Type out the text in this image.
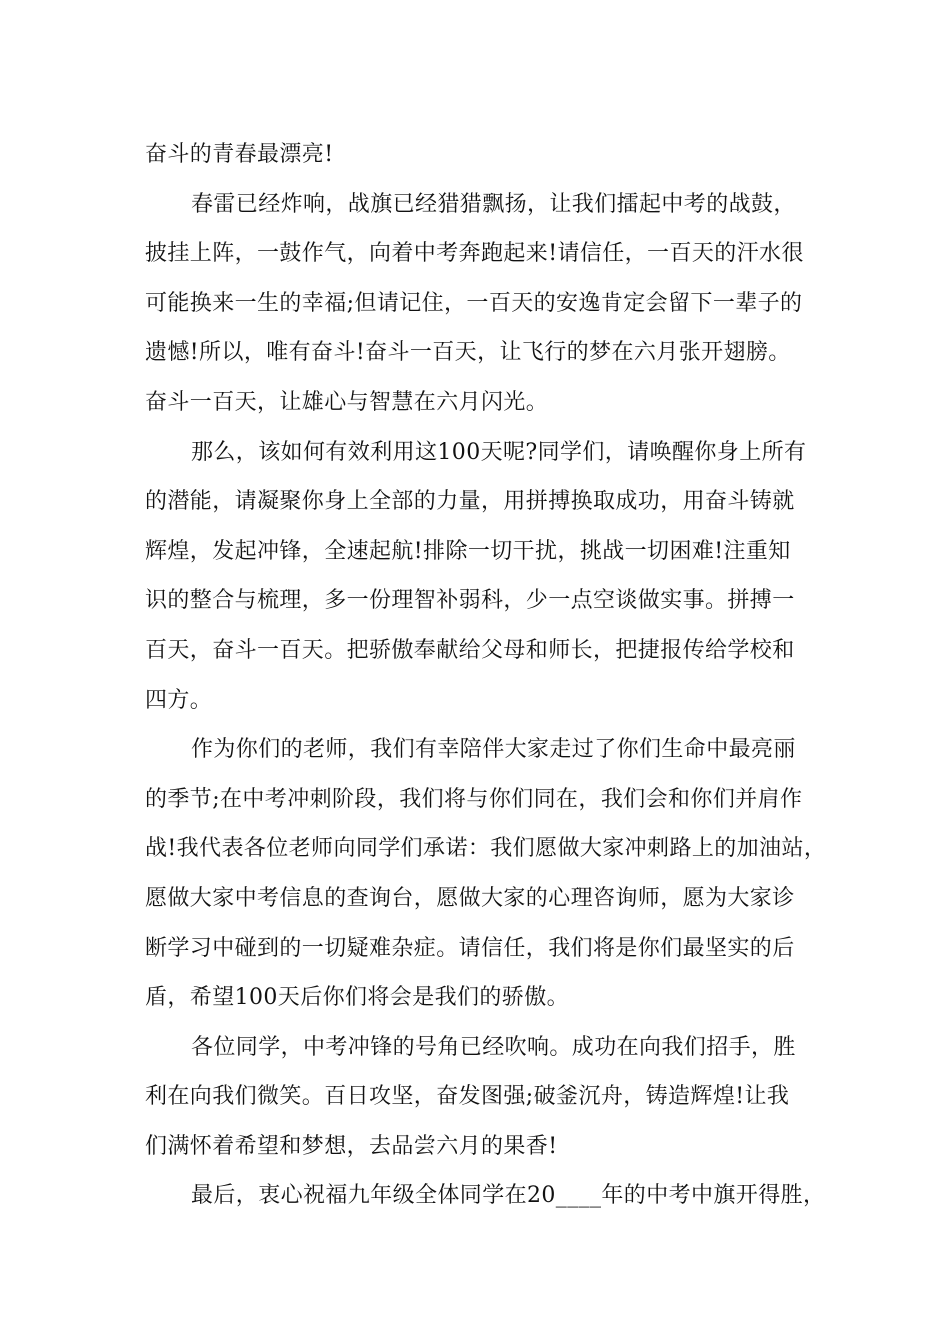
奋斗的青春最漂亮!
春雷已经炸响，战旗已经猎猎飘扬，让我们擂起中考的战鼓，
披挂上阵，一鼓作气，向着中考奔跑起来!请信任，一百天的汗水很
可能换来一生的幸福;但请记住，一百天的安逸肯定会留下一辈子的
遗憾!所以，唯有奋斗!奋斗一百天，让飞行的梦在六月张开翅膀。
奋斗一百天，让雄心与智慧在六月闪光。
那么，该如何有效利用这100天呢?同学们，请唤醒你身上所有
的潜能，请凝聚你身上全部的力量，用拼搏换取成功，用奋斗铸就
辉煌，发起冲锋，全速起航!排除一切干扰，挑战一切困难!注重知
识的整合与梳理，多一份理智补弱科，少一点空谈做实事。拼搏一
百天，奋斗一百天。把骄傲奉献给父母和师长，把捷报传给学校和
四方。
作为你们的老师，我们有幸陪伴大家走过了你们生命中最亮丽
的季节;在中考冲刺阶段，我们将与你们同在，我们会和你们并肩作
战!我代表各位老师向同学们承诺：我们愿做大家冲刺路上的加油站，
愿做大家中考信息的查询台，愿做大家的心理咨询师，愿为大家诊
断学习中碰到的一切疑难杂症。请信任，我们将是你们最坚实的后
盾，希望100天后你们将会是我们的骄傲。
各位同学，中考冲锋的号角已经吹响。成功在向我们招手，胜
利在向我们微笑。百日攻坚，奋发图强;破釜沉舟，铸造辉煌!让我
们满怀着希望和梦想，去品尝六月的果香!
最后，衷心祝福九年级全体同学在20____年的中考中旗开得胜，
